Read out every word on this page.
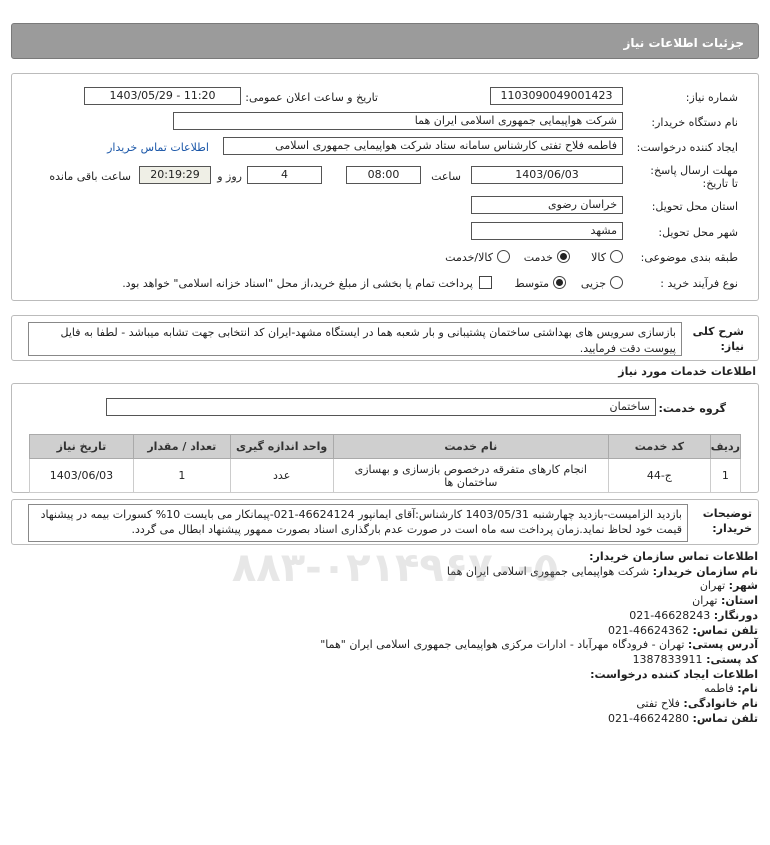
جزئیات اطلاعات نیاز
شماره نیاز:
1103090049001423
تاریخ و ساعت اعلان عمومی:
1403/05/29 - 11:20
نام دستگاه خریدار:
شرکت هواپیمایی جمهوری اسلامی ایران هما
ایجاد کننده درخواست:
فاطمه فلاح تفتی کارشناس سامانه ستاد شرکت هواپیمایی جمهوری اسلامی
اطلاعات تماس خریدار
مهلت ارسال پاسخ: تا تاریخ:
1403/06/03
ساعت
08:00
4
روز و
20:19:29
ساعت باقی مانده
استان محل تحویل:
خراسان رضوی
شهر محل تحویل:
مشهد
طبقه بندی موضوعی:
کالا
خدمت
کالا/خدمت
نوع فرآیند خرید :
جزیی
متوسط
پرداخت تمام یا بخشی از مبلغ خرید،از محل "اسناد خزانه اسلامی" خواهد بود.
شرح کلی نیاز:
بازسازی سرویس های بهداشتی ساختمان پشتیبانی و بار شعبه هما در ایستگاه مشهد-ایران کد انتخابی جهت تشابه میباشد - لطفا به فایل پیوست دقت فرمایید.
اطلاعات خدمات مورد نیاز
گروه خدمت:
ساختمان
ردیف	کد خدمت	نام خدمت	واحد اندازه گیری	تعداد / مقدار	تاریخ نیاز
1	ج-44	انجام کارهای متفرقه درخصوص بازسازی و بهسازی ساختمان ها	عدد	1	1403/06/03
توضیحات خریدار:
بازدید الزامیست-بازدید چهارشنبه 1403/05/31 کارشناس:آقای ایمانپور 46624124-021-پیمانکار می بایست 10% کسورات بیمه در پیشنهاد قیمت خود لحاظ نماید.زمان پرداخت سه ماه است در صورت عدم بارگذاری اسناد بصورت ممهور پیشنهاد ابطال می گردد.
اطلاعات تماس سازمان خریدار:
نام سازمان خریدار: شرکت هواپیمایی جمهوری اسلامی ایران هما
شهر: تهران
استان: تهران
دورنگار: 46628243-021
تلفن تماس: 46624362-021
آدرس پستی: تهران - فرودگاه مهرآباد - ادارات مرکزی هواپیمایی جمهوری اسلامی ایران "هما"
کد پستی: 1387833911
اطلاعات ایجاد کننده درخواست:
نام: فاطمه
نام خانوادگی: فلاح تفتی
تلفن تماس: 46624280-021
٠٢١-٨٨٣۴٩۶٧٠-۵
